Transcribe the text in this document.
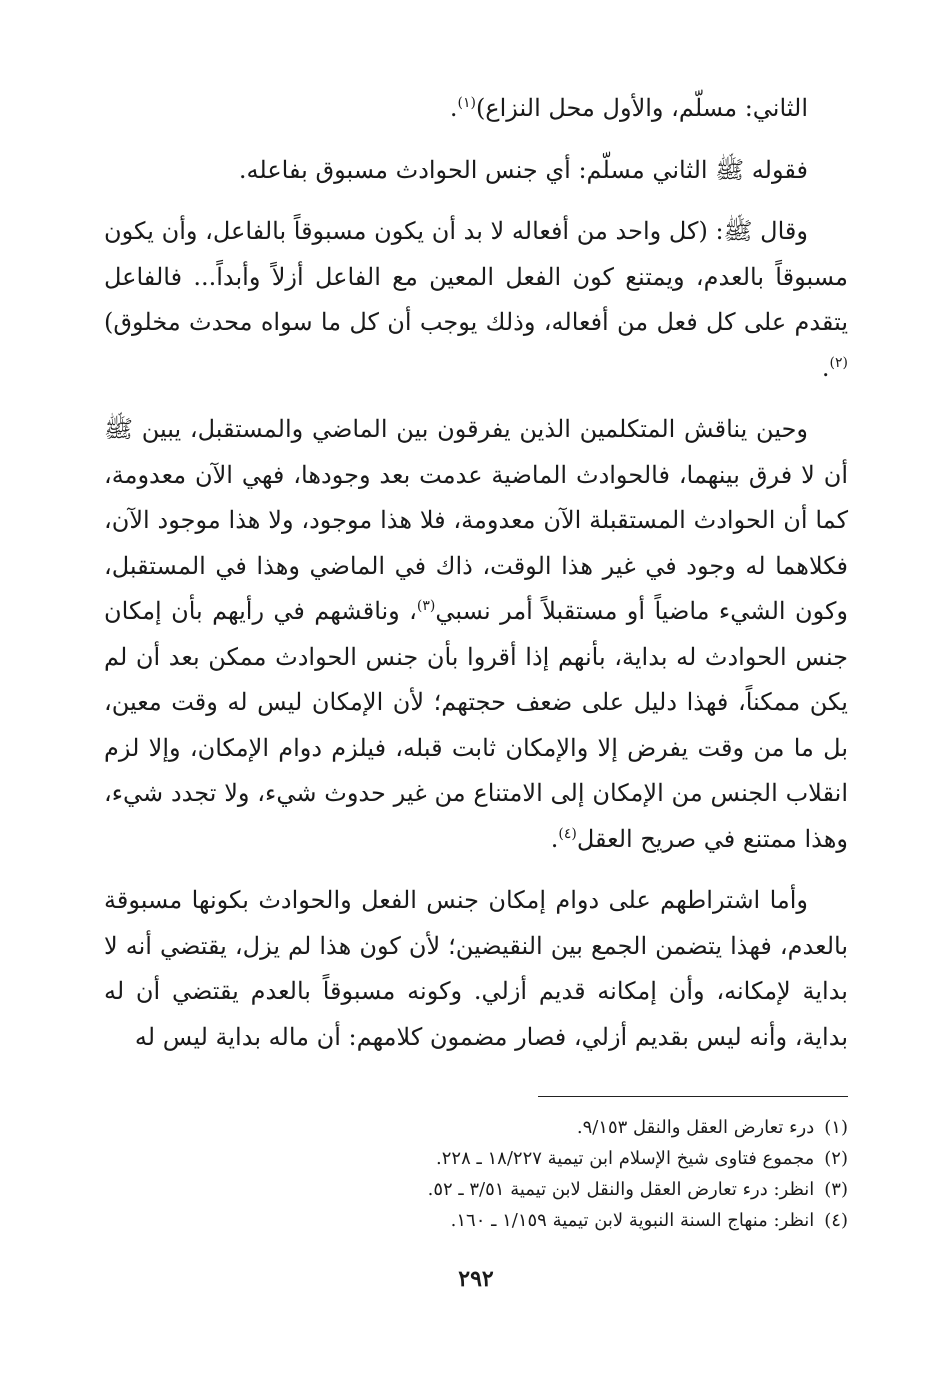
الثاني: مسلّم، والأول محل النزاع)$^{(١)}$.

فقوله ﷺ الثاني مسلّم: أي جنس الحوادث مسبوق بفاعله.

وقال ﷺ: (كل واحد من أفعاله لا بد أن يكون مسبوقاً بالفاعل، وأن يكون مسبوقاً بالعدم، ويمتنع كون الفعل المعين مع الفاعل أزلاً وأبداً... فالفاعل يتقدم على كل فعل من أفعاله، وذلك يوجب أن كل ما سواه محدث مخلوق)$^{(٢)}$.

وحين يناقش المتكلمين الذين يفرقون بين الماضي والمستقبل، يبين ﷺ أن لا فرق بينهما، فالحوادث الماضية عدمت بعد وجودها، فهي الآن معدومة، كما أن الحوادث المستقبلة الآن معدومة، فلا هذا موجود، ولا هذا موجود الآن، فكلاهما له وجود في غير هذا الوقت، ذاك في الماضي وهذا في المستقبل، وكون الشيء ماضياً أو مستقبلاً أمر نسبي$^{(٣)}$، وناقشهم في رأيهم بأن إمكان جنس الحوادث له بداية، بأنهم إذا أقروا بأن جنس الحوادث ممكن بعد أن لم يكن ممكناً، فهذا دليل على ضعف حجتهم؛ لأن الإمكان ليس له وقت معين، بل ما من وقت يفرض إلا والإمكان ثابت قبله، فيلزم دوام الإمكان، وإلا لزم انقلاب الجنس من الإمكان إلى الامتناع من غير حدوث شيء، ولا تجدد شيء، وهذا ممتنع في صريح العقل$^{(٤)}$.

وأما اشتراطهم على دوام إمكان جنس الفعل والحوادث بكونها مسبوقة بالعدم، فهذا يتضمن الجمع بين النقيضين؛ لأن كون هذا لم يزل، يقتضي أنه لا بداية لإمكانه، وأن إمكانه قديم أزلي. وكونه مسبوقاً بالعدم يقتضي أن له بداية، وأنه ليس بقديم أزلي، فصار مضمون كلامهم: أن ماله بداية ليس له

(١)درء تعارض العقل والنقل ٩/١٥٣.
(٢)مجموع فتاوى شيخ الإسلام ابن تيمية ١٨/٢٢٧ ـ ٢٢٨.
(٣)انظر: درء تعارض العقل والنقل لابن تيمية ٣/٥١ ـ ٥٢.
(٤)انظر: منهاج السنة النبوية لابن تيمية ١/١٥٩ ـ ١٦٠.
٢٩٢
